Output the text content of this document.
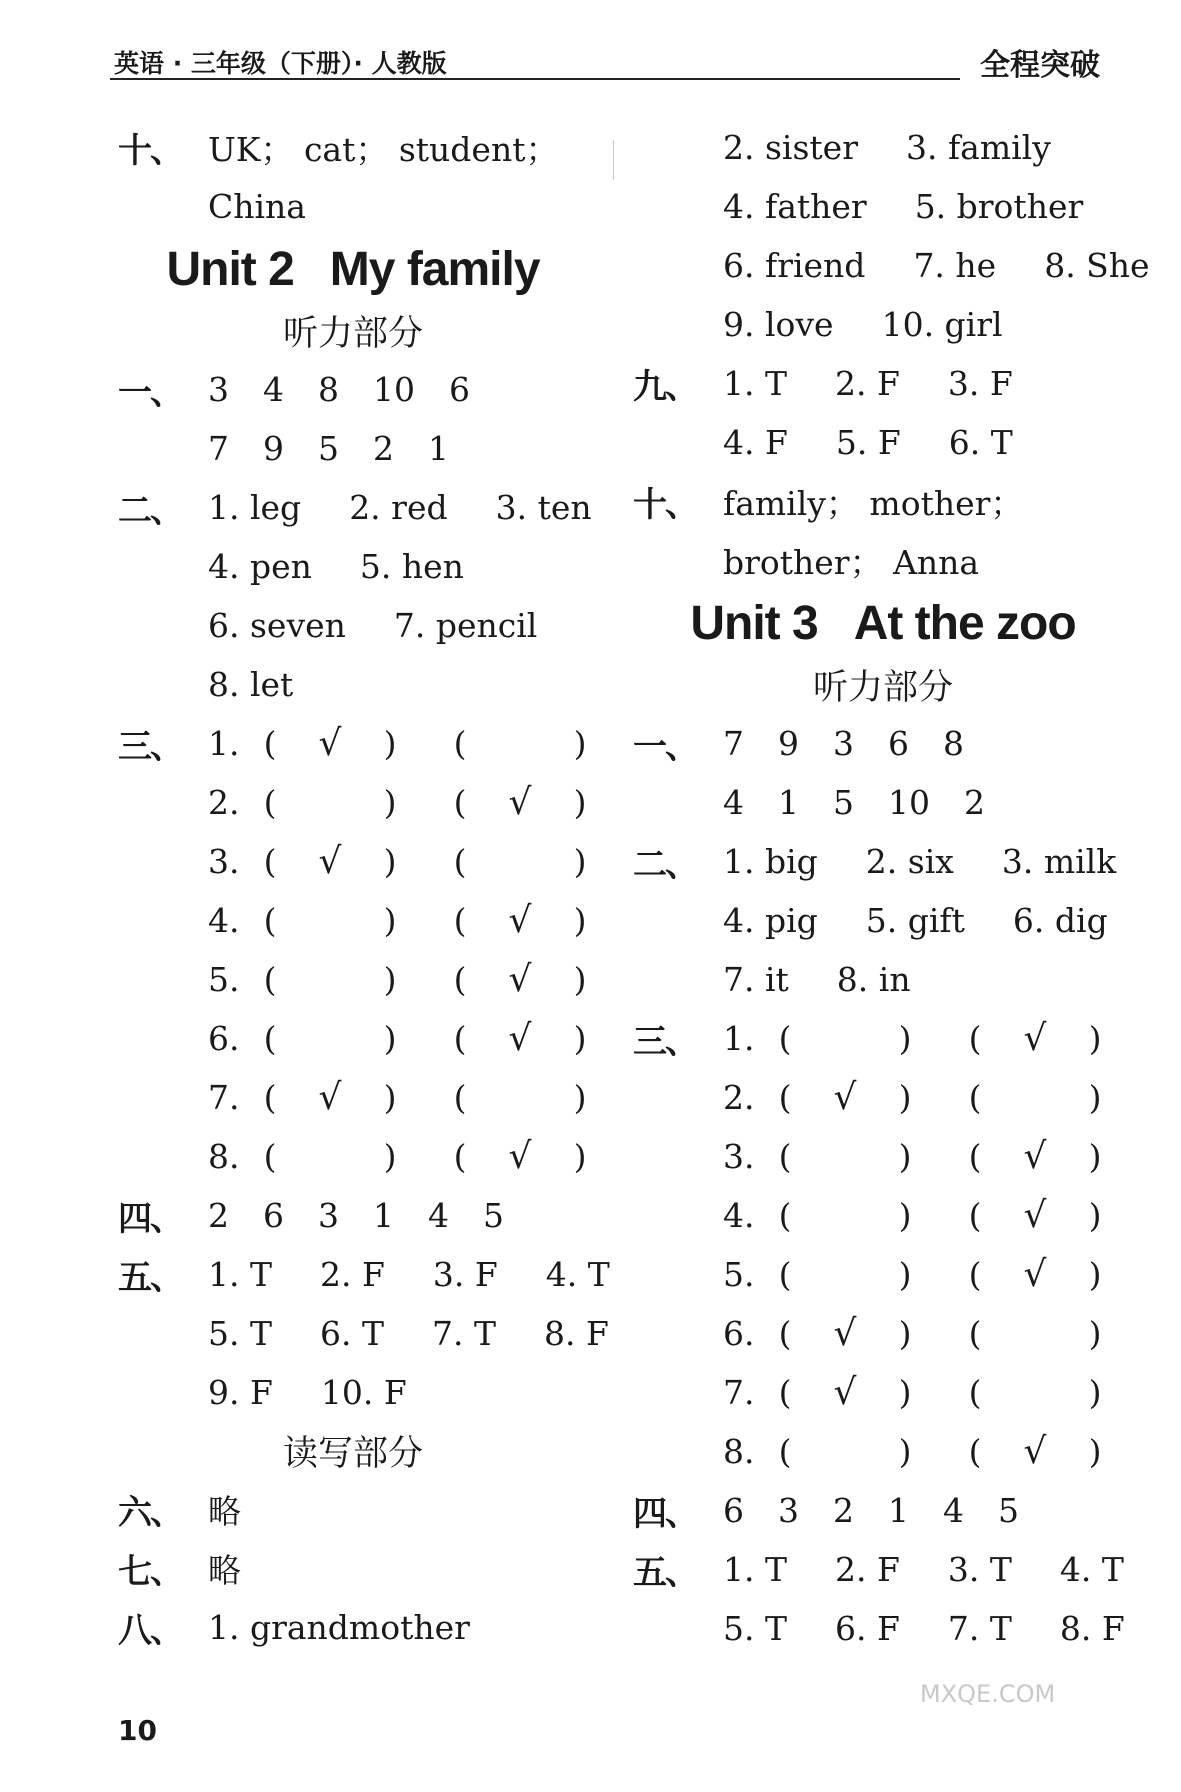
英语 · 三年级（下册）· 人教版	全程突破
十、 UK； cat； student；
China
Unit 2 My family
听力部分
一、 3 4 8 10 6
7 9 5 2 1
二、 1. leg 2. red 3. ten
4. pen 5. hen
6. seven 7. pencil
8. let
三、 1. (	√	) (	)
2. (	) (	√	)
3. (	√	) (	)
4. (	) (	√	)
5. (	) (	√	)
6. (	) (	√	)
7. (	√	) (	)
8. (	) (	√	)
四、 2 6 3 1 4 5
五、 1. T 2. F 3. F 4. T
5. T 6. T 7. T 8. F
9. F 10. F
读写部分
六、 略
七、 略
八、 1. grandmother
2. sister 3. family
4. father 5. brother
6. friend 7. he 8. She
9. love 10. girl
九、 1. T 2. F 3. F
4. F 5. F 6. T
十、 family； mother；
brother； Anna
Unit 3 At the zoo
听力部分
一、 7 9 3 6 8
4 1 5 10 2
二、 1. big 2. six 3. milk
4. pig 5. gift 6. dig
7. it 8. in
三、 1. (	) (	√	)
2. (	√	) (	)
3. (	) (	√	)
4. (	) (	√	)
5. (	) (	√	)
6. (	√	) (	)
7. (	√	) (	)
8. (	) (	√	)
四、 6 3 2 1 4 5
五、 1. T 2. F 3. T 4. T
5. T 6. F 7. T 8. F
10
MXQE.COM
